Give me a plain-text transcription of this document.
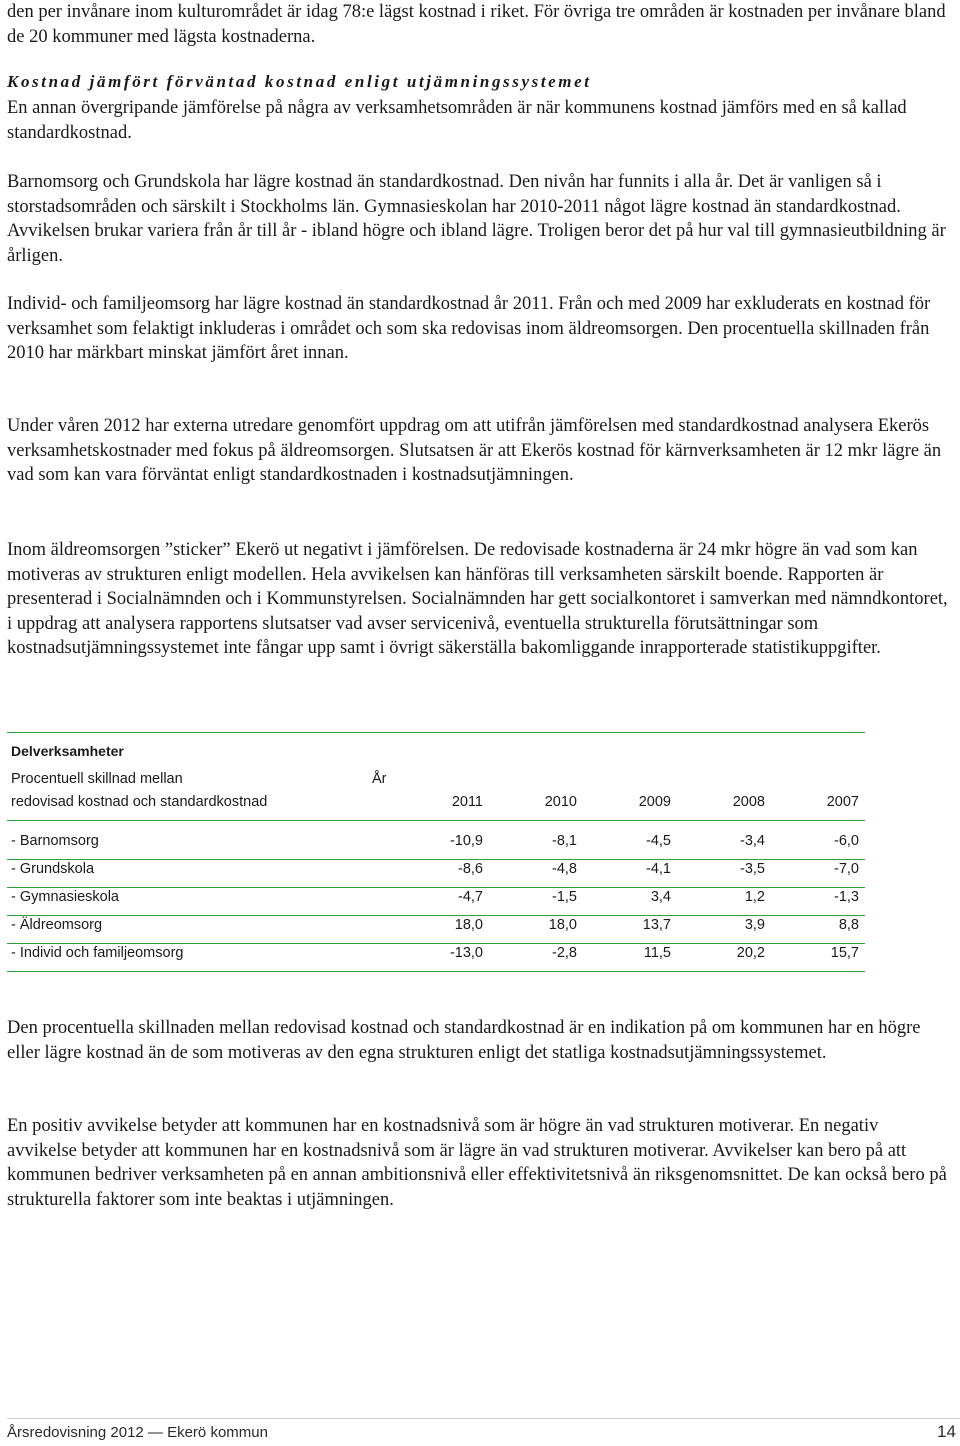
den per invånare inom kulturområdet är idag 78:e lägst kostnad i riket. För övriga tre områden är kostnaden per invånare bland de 20 kommuner med lägsta kostnaderna.

Kostnad jämfört förväntad kostnad enligt utjämningssystemet
En annan övergripande jämförelse på några av verksamhetsområden är när kommunens kostnad jämförs med en så kallad standardkostnad.

Barnomsorg och Grundskola har lägre kostnad än standardkostnad. Den nivån har funnits i alla år. Det är vanligen så i storstadsområden och särskilt i Stockholms län. Gymnasieskolan har 2010-2011 något lägre kostnad än standardkostnad. Avvikelsen brukar variera från år till år - ibland högre och ibland lägre. Troligen beror det på hur val till gymnasieutbildning är årligen.

Individ- och familjeomsorg har lägre kostnad än standardkostnad år 2011. Från och med 2009 har exkluderats en kostnad för verksamhet som felaktigt inkluderas i området och som ska redovisas inom äldreomsorgen. Den procentuella skillnaden från 2010 har märkbart minskat jämfört året innan.

Under våren 2012 har externa utredare genomfört uppdrag om att utifrån jämförelsen med standardkostnad analysera Ekerös verksamhetskostnader med fokus på äldreomsorgen. Slutsatsen är att Ekerös kostnad för kärnverksamheten är 12 mkr lägre än vad som kan vara förväntat enligt standardkostnaden i kostnadsutjämningen.

Inom äldreomsorgen ”sticker” Ekerö ut negativt i jämförelsen. De redovisade kostnaderna är 24 mkr högre än vad som kan motiveras av strukturen enligt modellen. Hela avvikelsen kan hänföras till verksamheten särskilt boende. Rapporten är presenterad i Socialnämnden och i Kommunstyrelsen. Socialnämnden har gett socialkontoret i samverkan med nämndkontoret, i uppdrag att analysera rapportens slutsatser vad avser servicenivå, eventuella strukturella förutsättningar som kostnadsutjämningssystemet inte fångar upp samt i övrigt säkerställa bakomliggande inrapporterade statistikuppgifter.

Delverksamheter
Procentuell skillnad mellan	År
redovisad kostnad och standardkostnad	2011	2010	2009	2008	2007
- Barnomsorg	-10,9	-8,1	-4,5	-3,4	-6,0
- Grundskola	-8,6	-4,8	-4,1	-3,5	-7,0
- Gymnasieskola	-4,7	-1,5	3,4	1,2	-1,3
- Äldreomsorg	18,0	18,0	13,7	3,9	8,8
- Individ och familjeomsorg	-13,0	-2,8	11,5	20,2	15,7

Den procentuella skillnaden mellan redovisad kostnad och standardkostnad är en indikation på om kommunen har en högre eller lägre kostnad än de som motiveras av den egna strukturen enligt det statliga kostnadsutjämningssystemet.

En positiv avvikelse betyder att kommunen har en kostnadsnivå som är högre än vad strukturen motiverar. En negativ avvikelse betyder att kommunen har en kostnadsnivå som är lägre än vad strukturen motiverar. Avvikelser kan bero på att kommunen bedriver verksamheten på en annan ambitionsnivå eller effektivitetsnivå än riksgenomsnittet. De kan också bero på strukturella faktorer som inte beaktas i utjämningen.

Årsredovisning 2012 — Ekerö kommun	14
